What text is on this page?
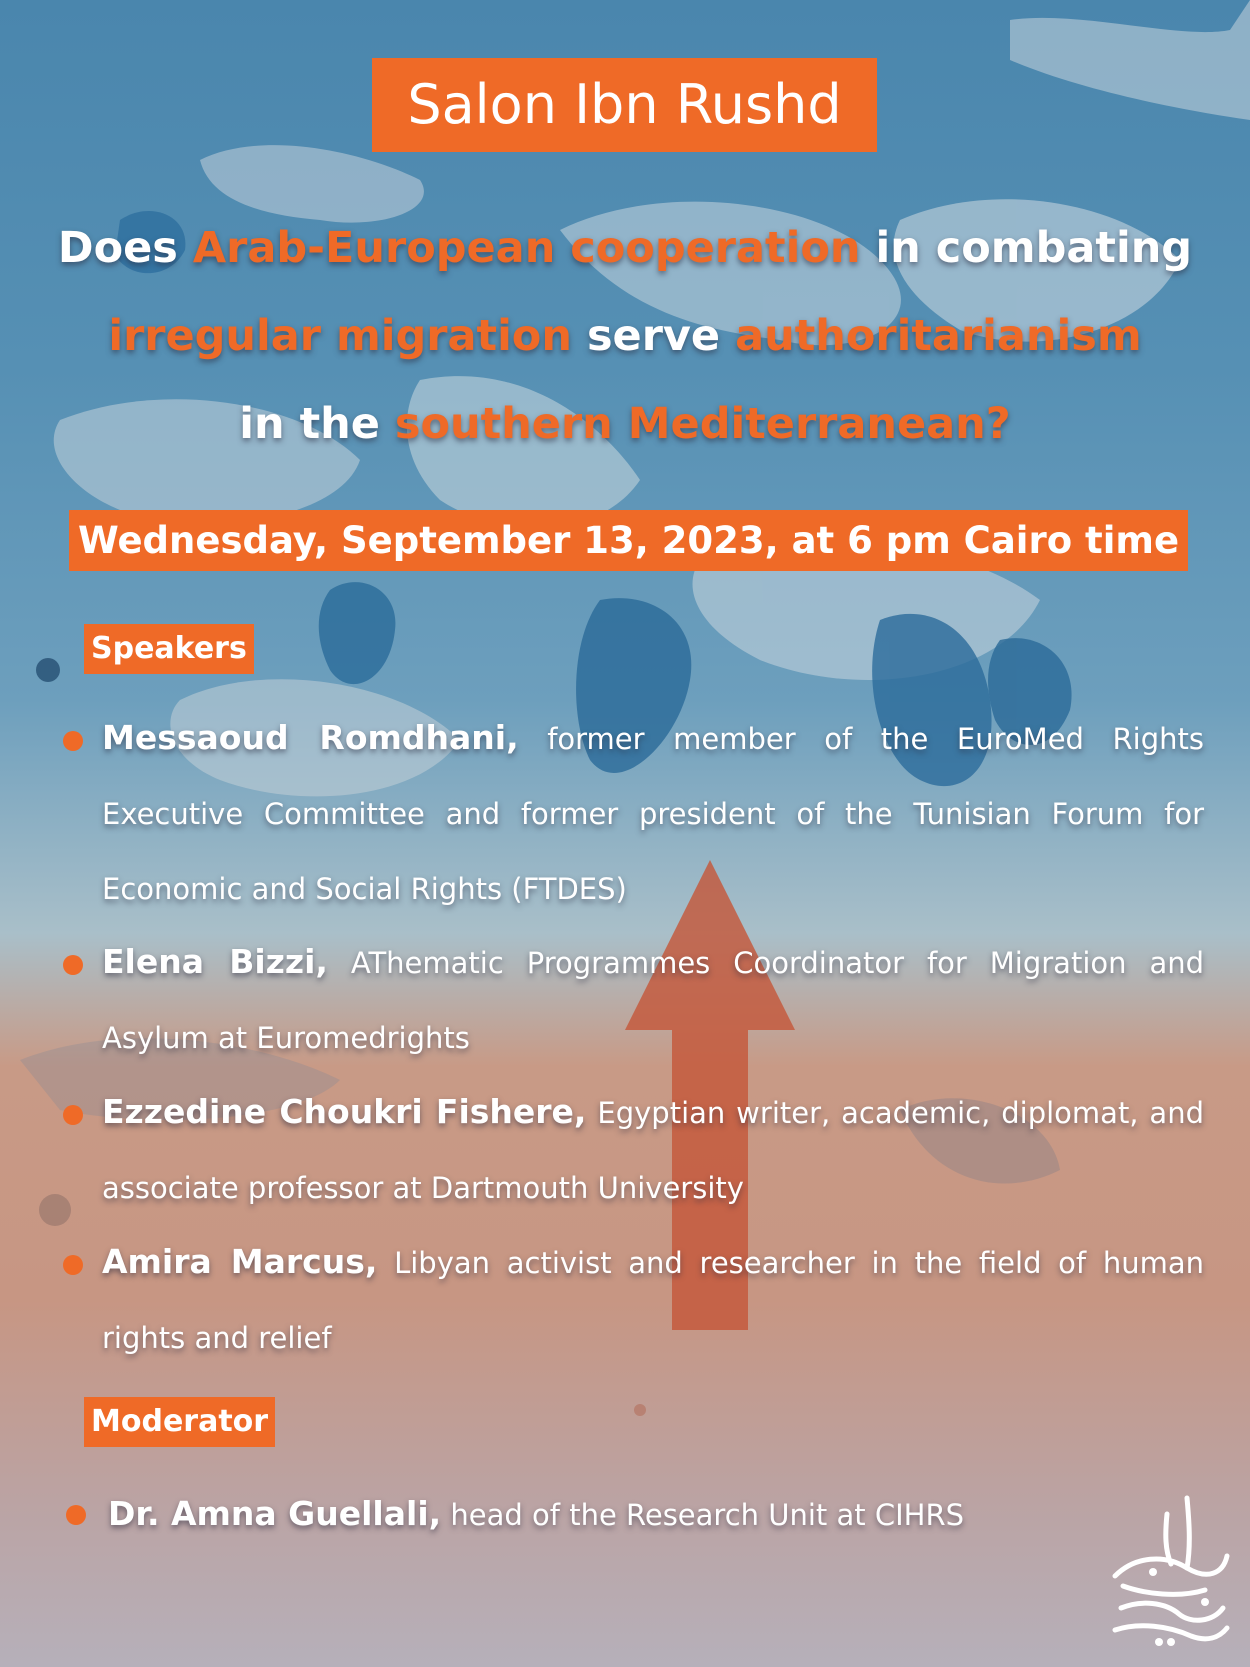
Salon Ibn Rushd
Does Arab-European cooperation in combating
irregular migration serve authoritarianism
in the southern Mediterranean?
Wednesday, September 13, 2023, at 6 pm Cairo time
Speakers
Messaoud Romdhani, former member of the EuroMed Rights Executive Committee and former president of the Tunisian Forum for Economic and Social Rights (FTDES)
Elena Bizzi, AThematic Programmes Coordinator for Migration and Asylum at Euromedrights
Ezzedine Choukri Fishere, Egyptian writer, academic, diplomat, and associate professor at Dartmouth University
Amira Marcus, Libyan activist and researcher in the field of human rights and relief
Moderator
Dr. Amna Guellali, head of the Research Unit at CIHRS
